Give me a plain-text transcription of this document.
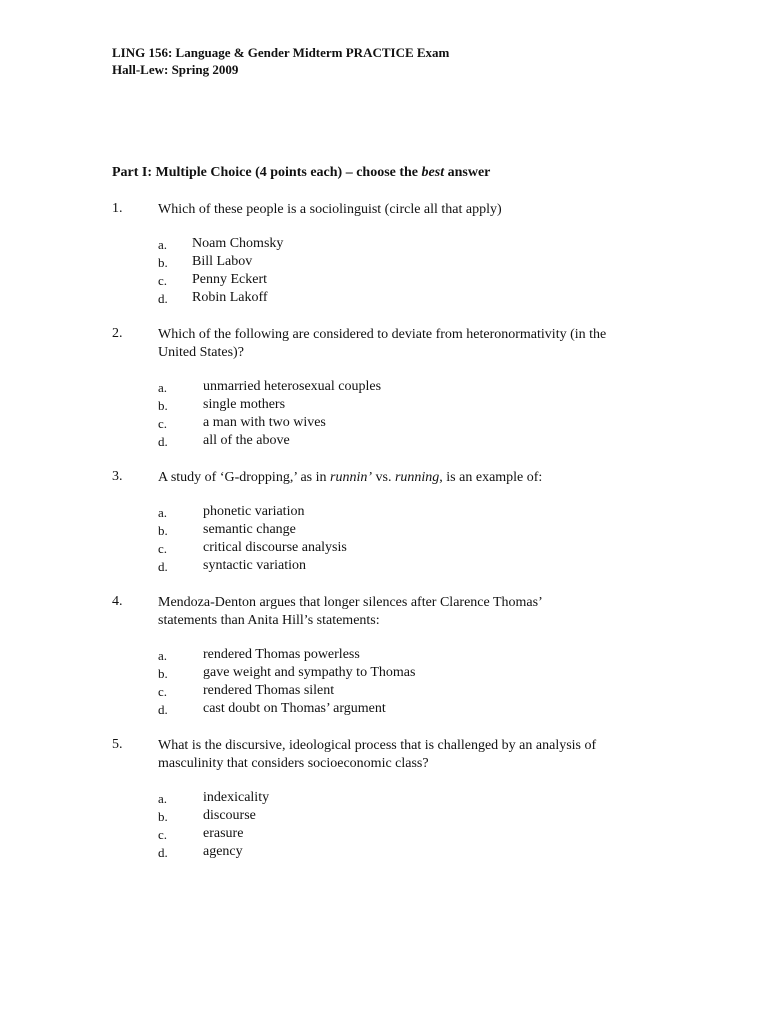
LING 156: Language & Gender Midterm PRACTICE Exam
Hall-Lew: Spring 2009
Part I: Multiple Choice (4 points each) – choose the best answer
1.	Which of these people is a sociolinguist (circle all that apply)
a. Noam Chomsky
b. Bill Labov
c. Penny Eckert
d. Robin Lakoff
2.	Which of the following are considered to deviate from heteronormativity (in the
United States)?
a.	unmarried heterosexual couples
b.	single mothers
c.	a man with two wives
d.	all of the above
3.	A study of ‘G-dropping,’ as in runnin’ vs. running, is an example of:
a.	phonetic variation
b.	semantic change
c.	critical discourse analysis
d.	syntactic variation
4.	Mendoza-Denton argues that longer silences after Clarence Thomas’
statements than Anita Hill’s statements:
a.	rendered Thomas powerless
b.	gave weight and sympathy to Thomas
c.	rendered Thomas silent
d.	cast doubt on Thomas’ argument
5.	What is the discursive, ideological process that is challenged by an analysis of
masculinity that considers socioeconomic class?
a.	indexicality
b.	discourse
c.	erasure
d.	agency
